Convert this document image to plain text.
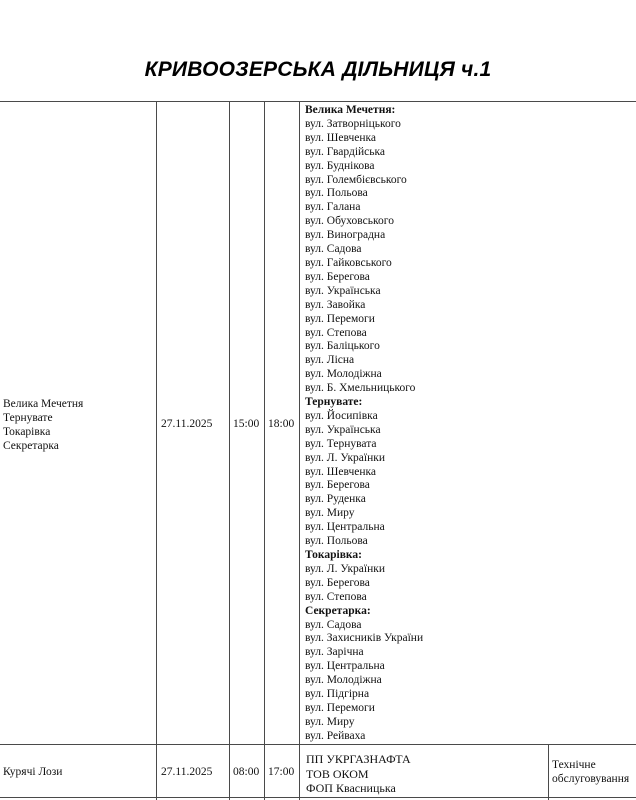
КРИВООЗЕРСЬКА ДІЛЬНИЦЯ ч.1
Велика Мечетня
Тернувате
Токарівка
Секретарка
27.11.2025 15:00 18:00
Велика Мечетня:
вул. Затворніцького
вул. Шевченка
вул. Гвардійська
вул. Буднікова
вул. Голембієвського
вул. Польова
вул. Галана
вул. Обуховського
вул. Виноградна
вул. Садова
вул. Гайковського
вул. Берегова
вул. Українська
вул. Завойка
вул. Перемоги
вул. Степова
вул. Баліцького
вул. Лісна
вул. Молодіжна
вул. Б. Хмельницького
Тернувате:
вул. Йосипівка
вул. Українська
вул. Тернувата
вул. Л. Українки
вул. Шевченка
вул. Берегова
вул. Руденка
вул. Миру
вул. Центральна
вул. Польова
Токарівка:
вул. Л. Українки
вул. Берегова
вул. Степова
Секретарка:
вул. Садова
вул. Захисників України
вул. Зарічна
вул. Центральна
вул. Молодіжна
вул. Підгірна
вул. Перемоги
вул. Миру
вул. Рейваха
Курячі Лози	27.11.2025 08:00 17:00
ПП УКРГАЗНАФТА
ТОВ ОКОМ
ФОП Квасницька
Технічне
обслуговування
